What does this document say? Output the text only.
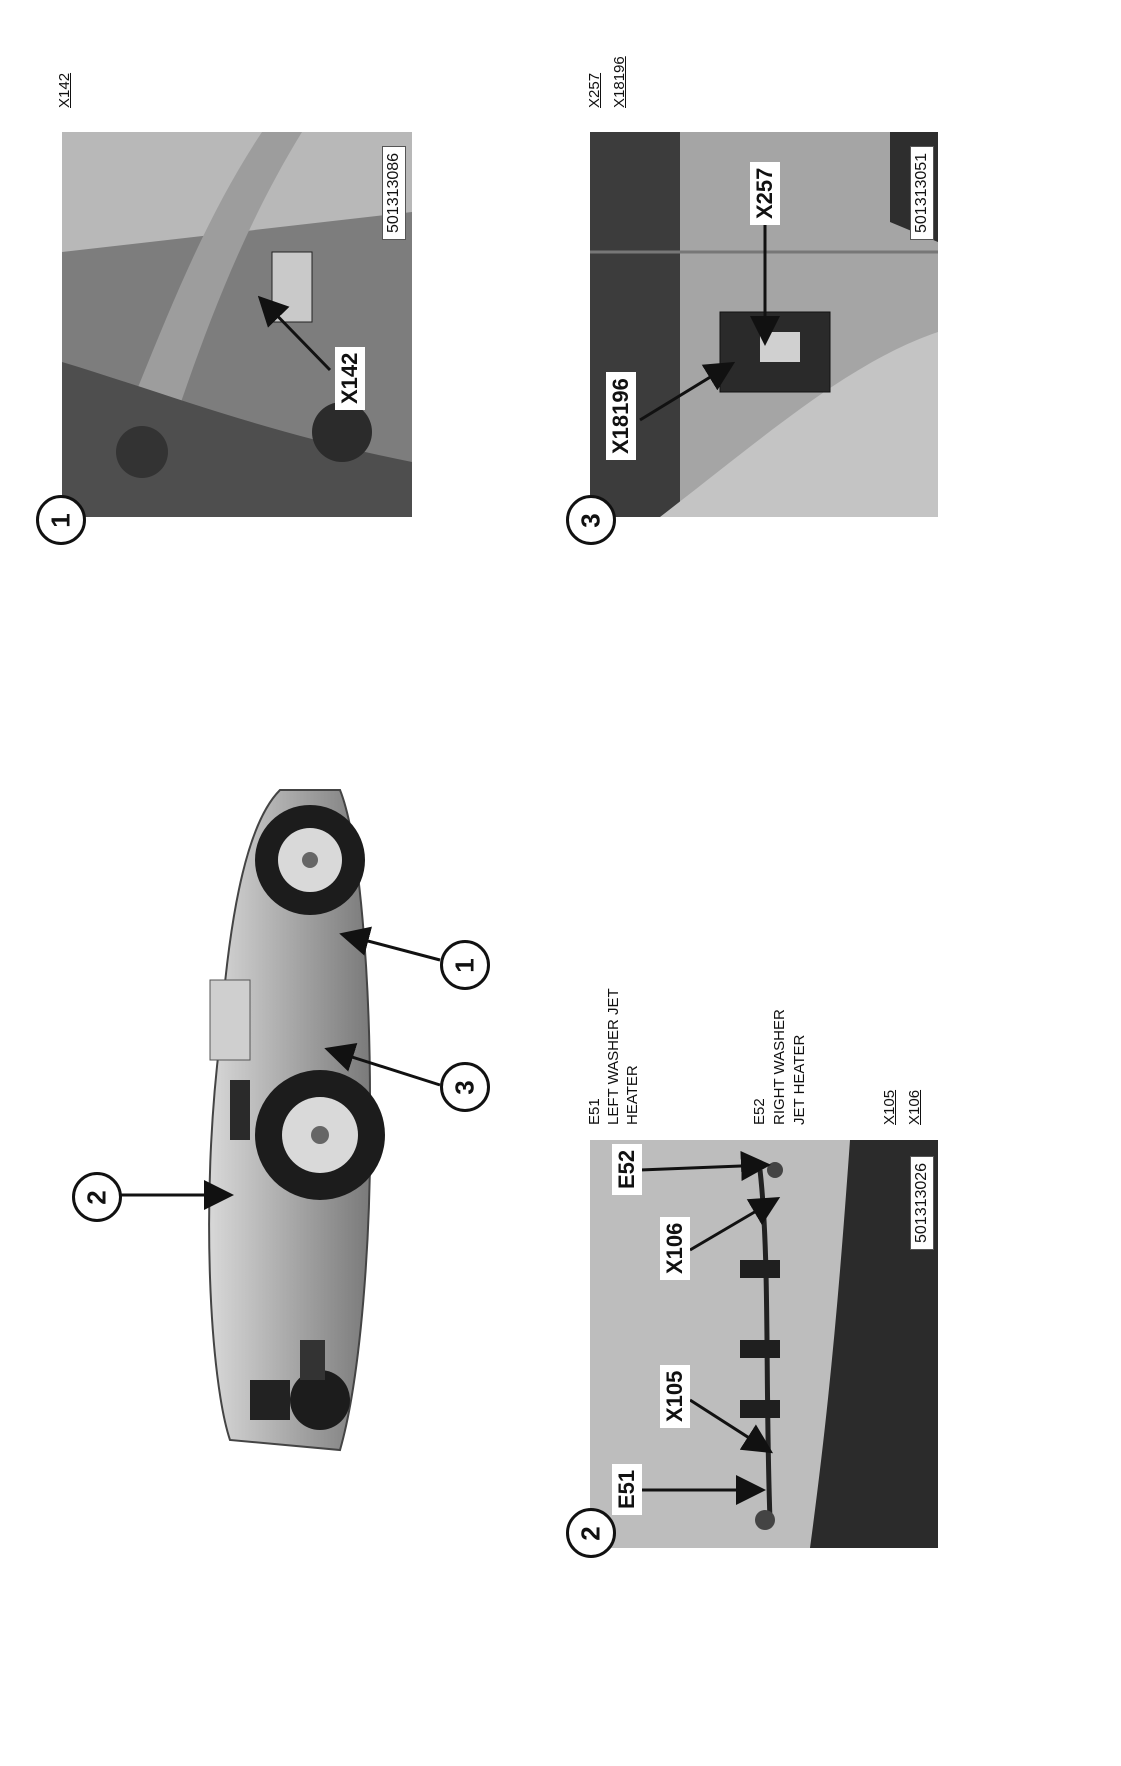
1
3
2
X142
501313086
1
X142
X18196
X257	501313051
3
X257 X18196
E51
X105
X106
E52	501313026
2
E51 LEFT WASHER JET HEATER	E52 RIGHT WASHER JET HEATER	X105 X106
